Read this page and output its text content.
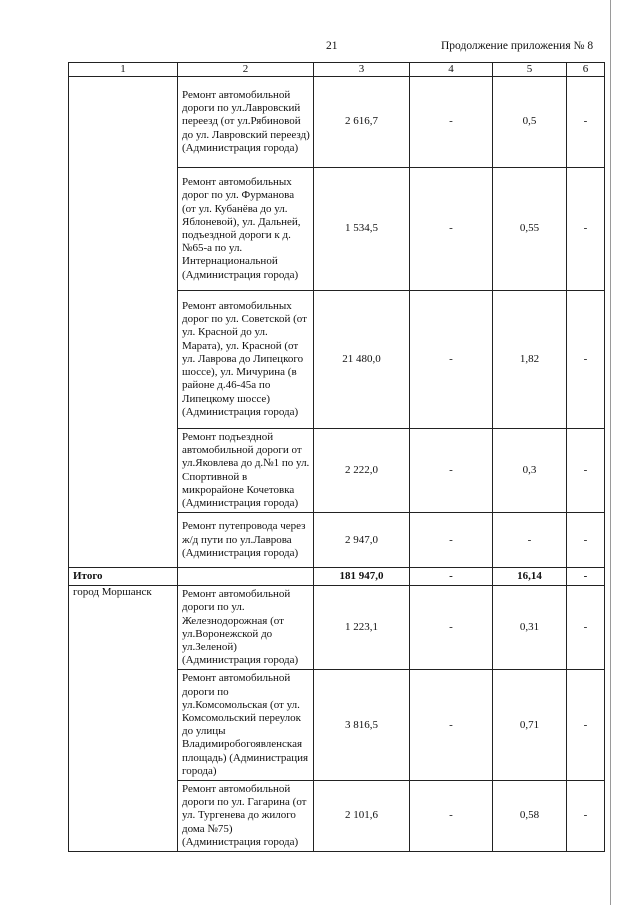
21	Продолжение приложения № 8
1	2	3	4	5	6
	Ремонт автомобильной дороги по ул.Лавровский переезд (от ул.Рябиновой до ул. Лавровский переезд) (Администрация города)	2 616,7	-	0,5	-
	Ремонт автомобильных дорог по ул. Фурманова (от ул. Кубанёва до ул. Яблоневой), ул. Дальней, подъездной дороги к д. №65-а по ул. Интернациональной (Администрация города)	1 534,5	-	0,55	-
	Ремонт автомобильных дорог по ул. Советской (от ул. Красной до ул. Марата), ул. Красной (от ул. Лаврова до Липецкого шоссе), ул. Мичурина (в районе д.46-45а по Липецкому шоссе) (Администрация города)	21 480,0	-	1,82	-
	Ремонт подъездной автомобильной дороги от ул.Яковлева до д.№1 по ул. Спортивной в микрорайоне Кочетовка (Администрация города)	2 222,0	-	0,3	-
	Ремонт путепровода через ж/д пути по ул.Лаврова (Администрация города)	2 947,0	-	-	-
Итого		181 947,0	-	16,14	-
город Моршанск	Ремонт автомобильной дороги по ул. Железнодорожная (от ул.Воронежской до ул.Зеленой) (Администрация города)	1 223,1	-	0,31	-
	Ремонт автомобильной дороги по ул.Комсомольская (от ул. Комсомольский переулок до улицы Владимиробогоявленская площадь) (Администрация города)	3 816,5	-	0,71	-
	Ремонт автомобильной дороги по ул. Гагарина (от ул. Тургенева до жилого дома №75) (Администрация города)	2 101,6	-	0,58	-
